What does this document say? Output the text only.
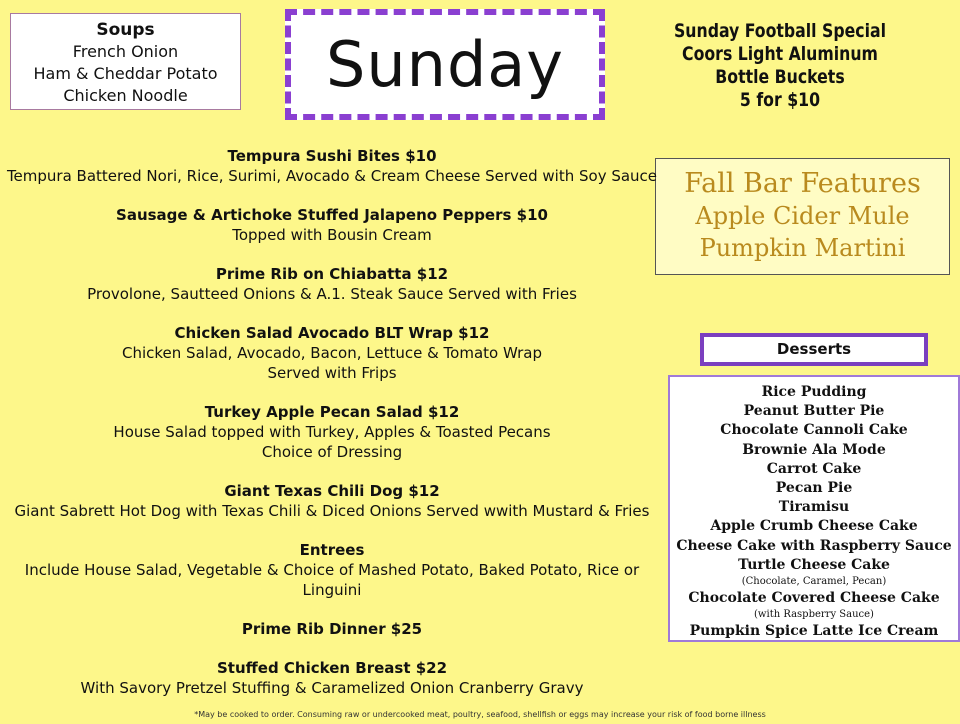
Soups
French Onion
Ham & Cheddar Potato
Chicken Noodle	Sunday	Sunday Football Special
Coors Light Aluminum
Bottle Buckets
5 for $10
Fall Bar Features
Apple Cider Mule
Pumpkin Martini
Tempura Sushi Bites $10
Tempura Battered Nori, Rice, Surimi, Avocado & Cream Cheese Served with Soy Sauce
Sausage & Artichoke Stuffed Jalapeno Peppers $10
Topped with Bousin Cream
Prime Rib on Chiabatta $12
Provolone, Sautteed Onions & A.1. Steak Sauce Served with Fries
Chicken Salad Avocado BLT Wrap $12
Chicken Salad, Avocado, Bacon, Lettuce & Tomato Wrap
Served with Frips
Turkey Apple Pecan Salad $12
House Salad topped with Turkey, Apples & Toasted Pecans
Choice of Dressing
Giant Texas Chili Dog $12
Giant Sabrett Hot Dog with Texas Chili & Diced Onions Served wwith Mustard & Fries
Entrees
Include House Salad, Vegetable & Choice of Mashed Potato, Baked Potato, Rice or Linguini
Prime Rib Dinner $25
Stuffed Chicken Breast $22
With Savory Pretzel Stuffing & Caramelized Onion Cranberry Gravy
Desserts
Rice Pudding
Peanut Butter Pie
Chocolate Cannoli Cake
Brownie Ala Mode
Carrot Cake
Pecan Pie
Tiramisu
Apple Crumb Cheese Cake
Cheese Cake with Raspberry Sauce
Turtle Cheese Cake
(Chocolate, Caramel, Pecan)
Chocolate Covered Cheese Cake
(with Raspberry Sauce)
Pumpkin Spice Latte Ice Cream
*May be cooked to order. Consuming raw or undercooked meat, poultry, seafood, shellfish or eggs may increase your risk of food borne illness
